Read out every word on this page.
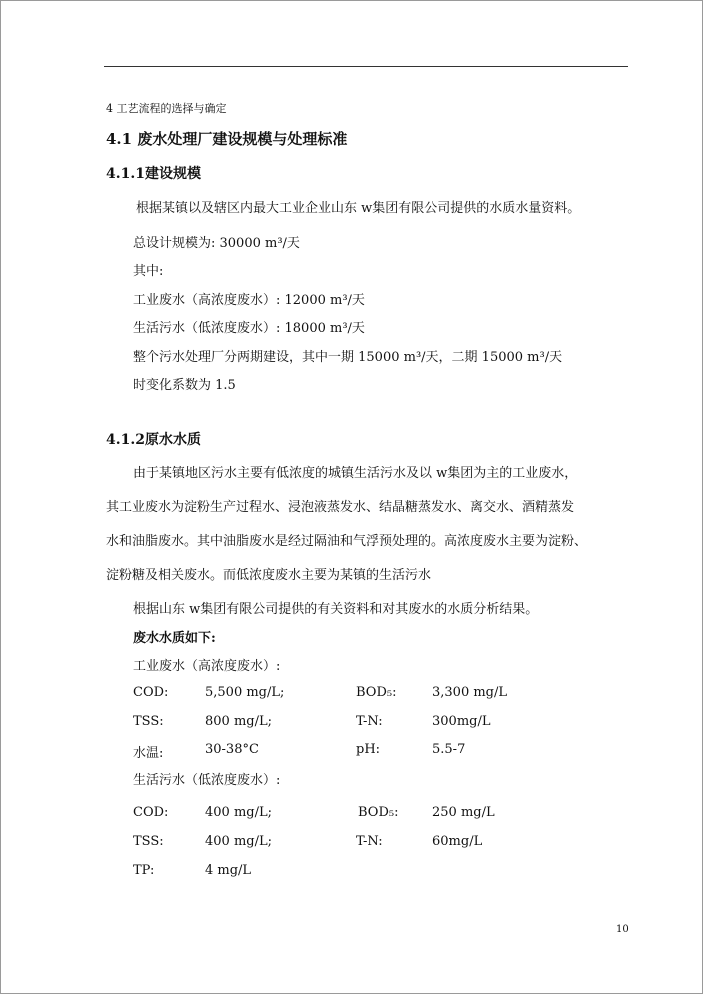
4 工艺流程的选择与确定
4.1 废水处理厂建设规模与处理标准
4.1.1建设规模
根据某镇以及辖区内最大工业企业山东 w集团有限公司提供的水质水量资料。
总设计规模为: 30000 m³/天
其中:
工业废水（高浓度废水）: 12000 m³/天
生活污水（低浓度废水）: 18000 m³/天
整个污水处理厂分两期建设，其中一期 15000 m³/天，二期 15000 m³/天
时变化系数为 1.5
4.1.2原水水质
由于某镇地区污水主要有低浓度的城镇生活污水及以 w集团为主的工业废水，
其工业废水为淀粉生产过程水、浸泡液蒸发水、结晶糖蒸发水、离交水、酒精蒸发
水和油脂废水。其中油脂废水是经过隔油和气浮预处理的。高浓度废水主要为淀粉、
淀粉糖及相关废水。而低浓度废水主要为某镇的生活污水
根据山东 w集团有限公司提供的有关资料和对其废水的水质分析结果。
废水水质如下:
工业废水（高浓度废水）:
COD:	5,500 mg/L;	BOD₅:	3,300 mg/L
TSS:	800 mg/L;	T-N:	300mg/L
水温:	30-38°C	pH:	5.5-7
生活污水（低浓度废水）:
COD:	400 mg/L;	BOD₅:	250 mg/L
TSS:	400 mg/L;	T-N:	60mg/L
TP:	4 mg/L
10
